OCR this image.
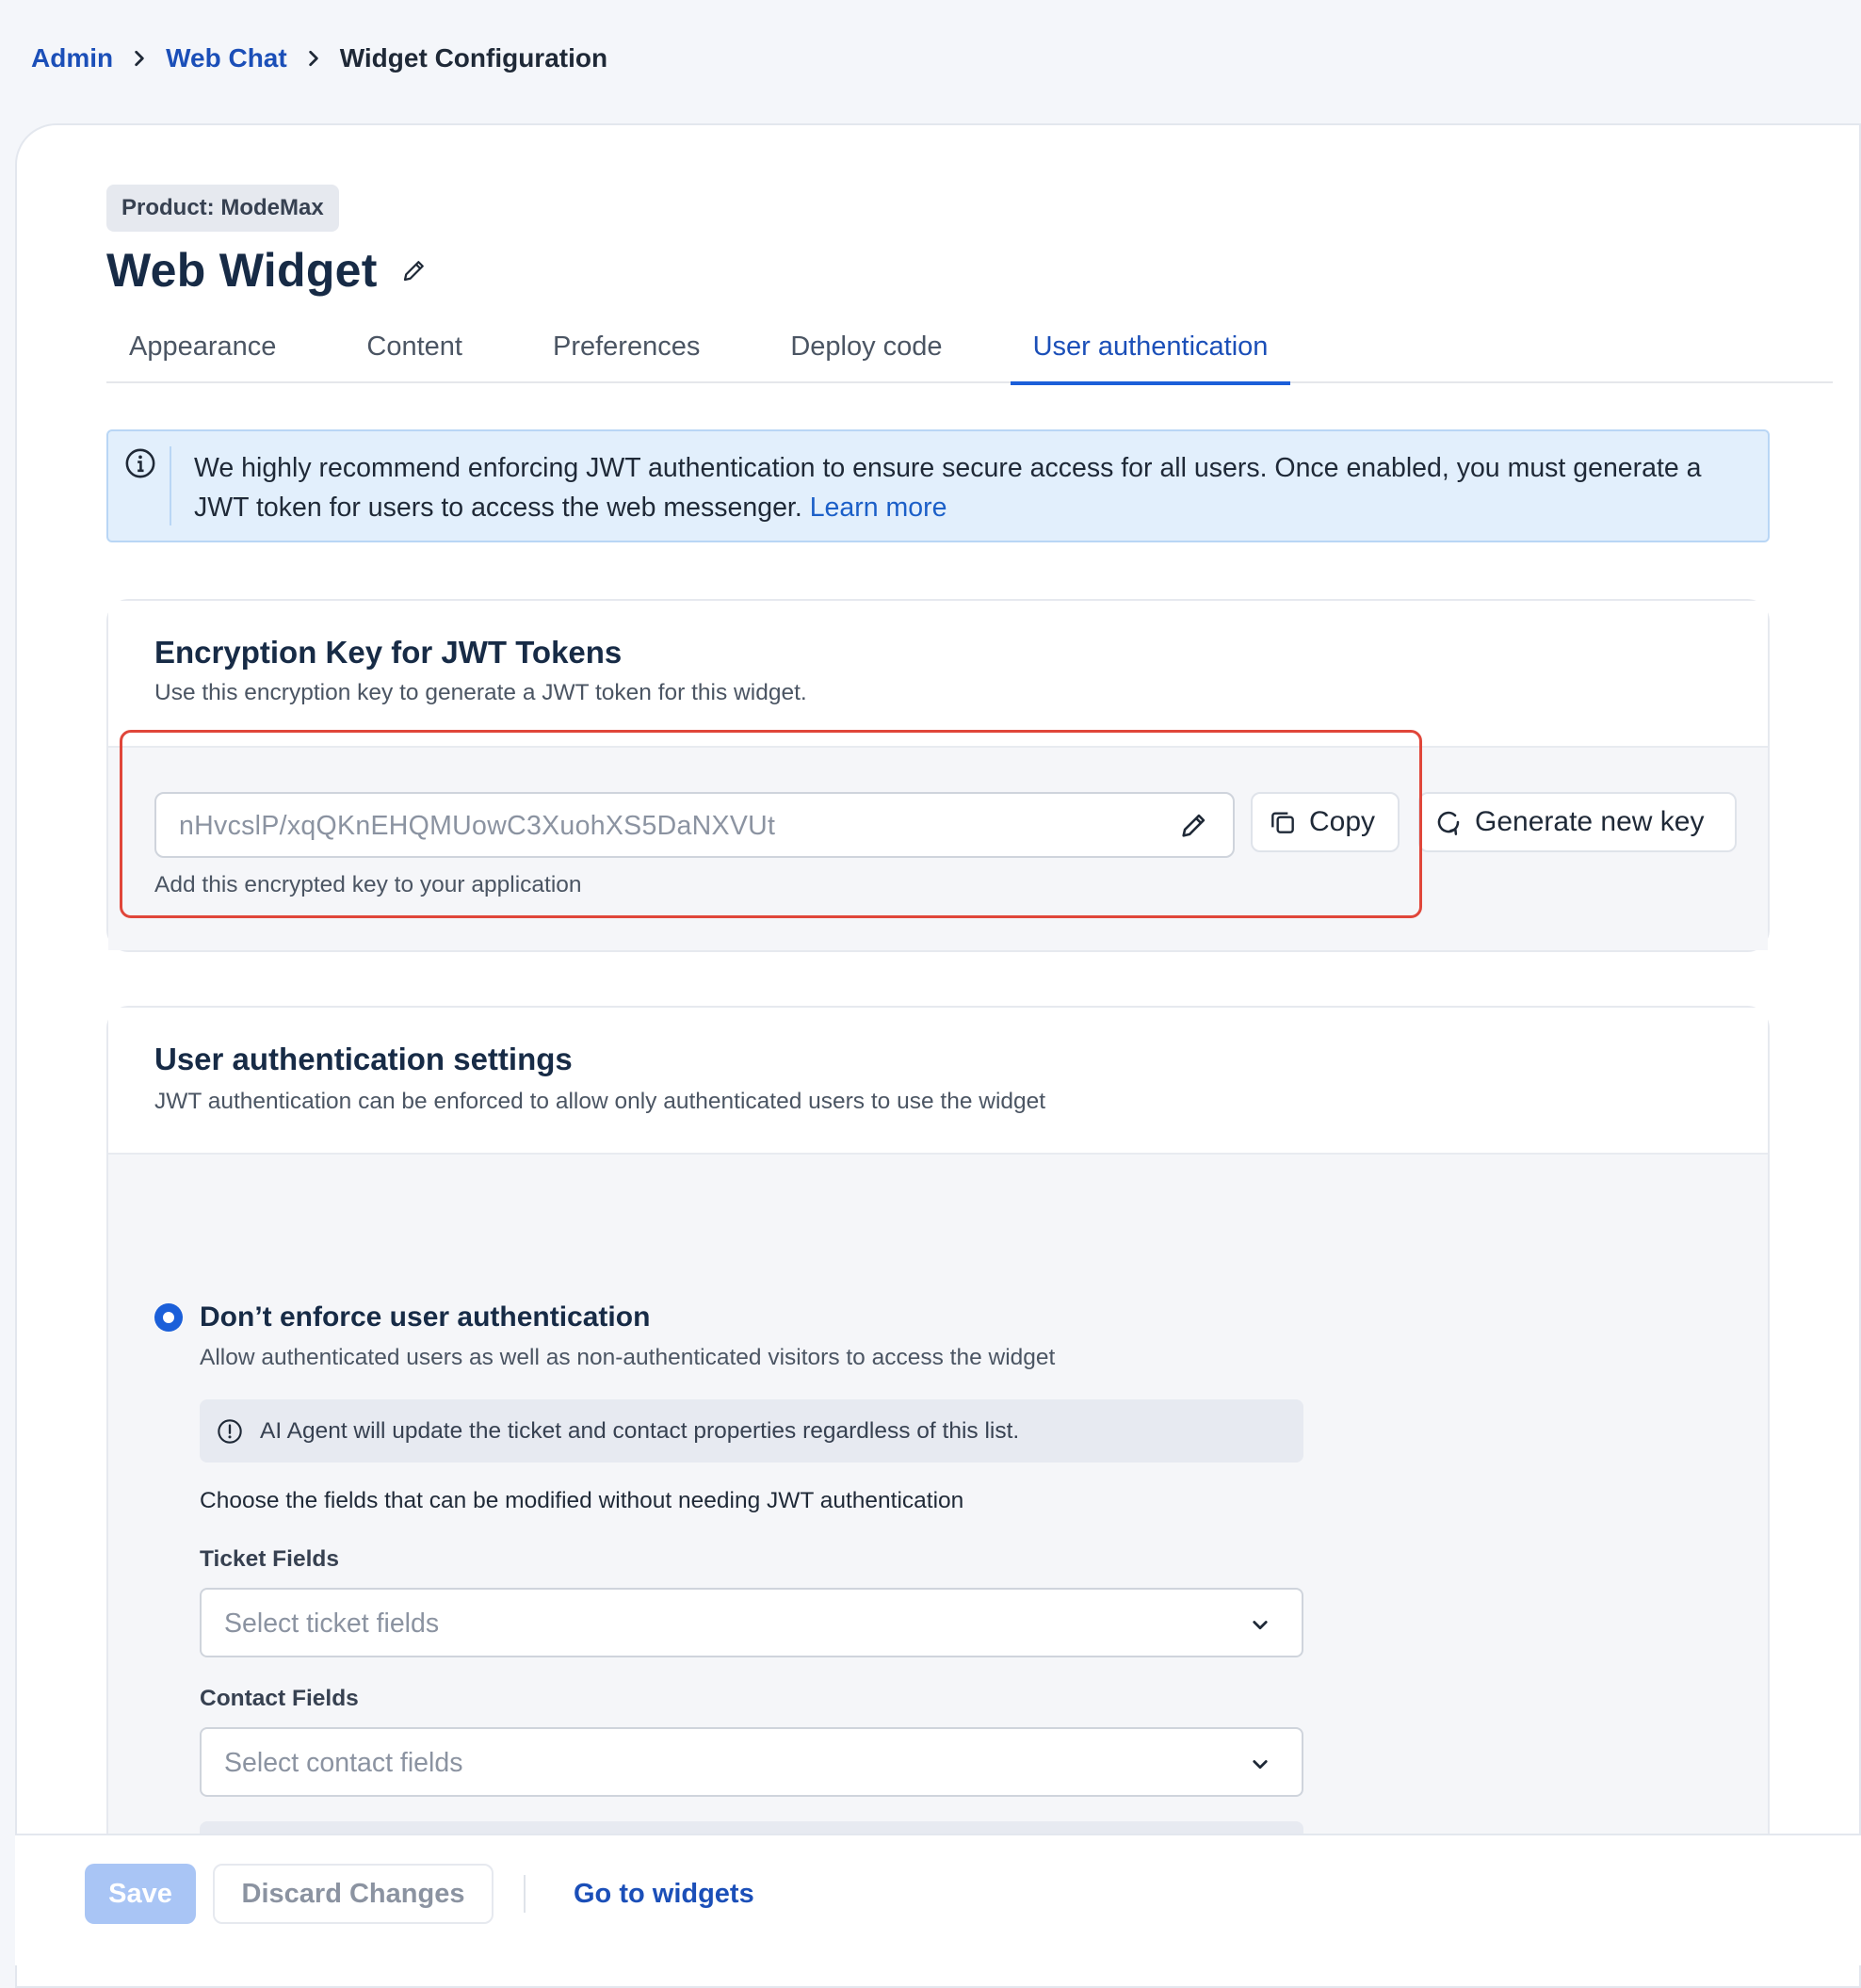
Admin Web Chat Widget Configuration
Product: ModeMax
Web Widget
Appearance	Content	Preferences	Deploy code	User authentication
We highly recommend enforcing JWT authentication to ensure secure access for all users. Once enabled, you must generate a JWT token for users to access the web messenger. Learn more
Encryption Key for JWT Tokens
Use this encryption key to generate a JWT token for this widget.
nHvcslP/xqQKnEHQMUowC3XuohXS5DaNXVUt	Copy	Generate new key
Add this encrypted key to your application
User authentication settings
JWT authentication can be enforced to allow only authenticated users to use the widget
Don’t enforce user authentication
Allow authenticated users as well as non-authenticated visitors to access the widget
AI Agent will update the ticket and contact properties regardless of this list.
Choose the fields that can be modified without needing JWT authentication
Ticket Fields
Select ticket fields
Contact Fields
Select contact fields
Save	Discard Changes	Go to widgets
